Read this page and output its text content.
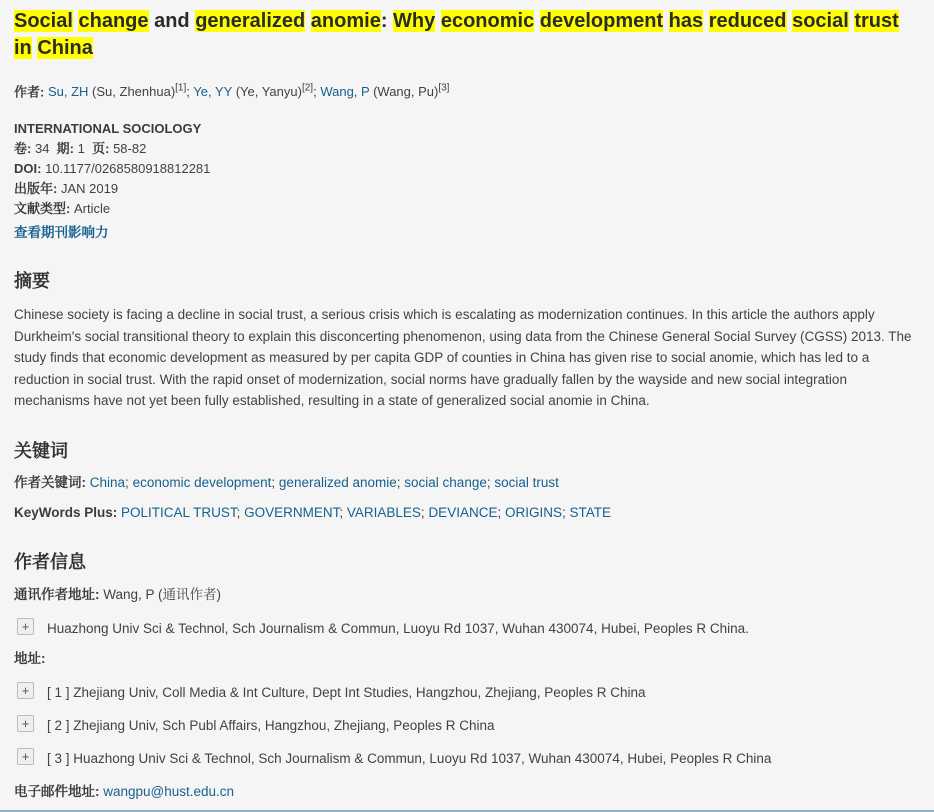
Social change and generalized anomie: Why economic development has reduced social trust in China
作者: Su, ZH (Su, Zhenhua)[1]; Ye, YY (Ye, Yanyu)[2]; Wang, P (Wang, Pu)[3]
INTERNATIONAL SOCIOLOGY
卷: 34 期: 1 页: 58-82
DOI: 10.1177/0268580918812281
出版年: JAN 2019
文献类型: Article
查看期刊影响力
摘要

Chinese society is facing a decline in social trust, a serious crisis which is escalating as modernization continues. In this article the authors apply Durkheim's social transitional theory to explain this disconcerting phenomenon, using data from the Chinese General Social Survey (CGSS) 2013. The study finds that economic development as measured by per capita GDP of counties in China has given rise to social anomie, which has led to a reduction in social trust. With the rapid onset of modernization, social norms have gradually fallen by the wayside and new social integration mechanisms have not yet been fully established, resulting in a state of generalized social anomie in China.

关键词
作者关键词: China; economic development; generalized anomie; social change; social trust
KeyWords Plus: POLITICAL TRUST; GOVERNMENT; VARIABLES; DEVIANCE; ORIGINS; STATE
作者信息
通讯作者地址: Wang, P (通讯作者)
+	Huazhong Univ Sci & Technol, Sch Journalism & Commun, Luoyu Rd 1037, Wuhan 430074, Hubei, Peoples R China.
地址:
+	[ 1 ] Zhejiang Univ, Coll Media & Int Culture, Dept Int Studies, Hangzhou, Zhejiang, Peoples R China
+	[ 2 ] Zhejiang Univ, Sch Publ Affairs, Hangzhou, Zhejiang, Peoples R China
+	[ 3 ] Huazhong Univ Sci & Technol, Sch Journalism & Commun, Luoyu Rd 1037, Wuhan 430074, Hubei, Peoples R China
电子邮件地址: wangpu@hust.edu.cn
